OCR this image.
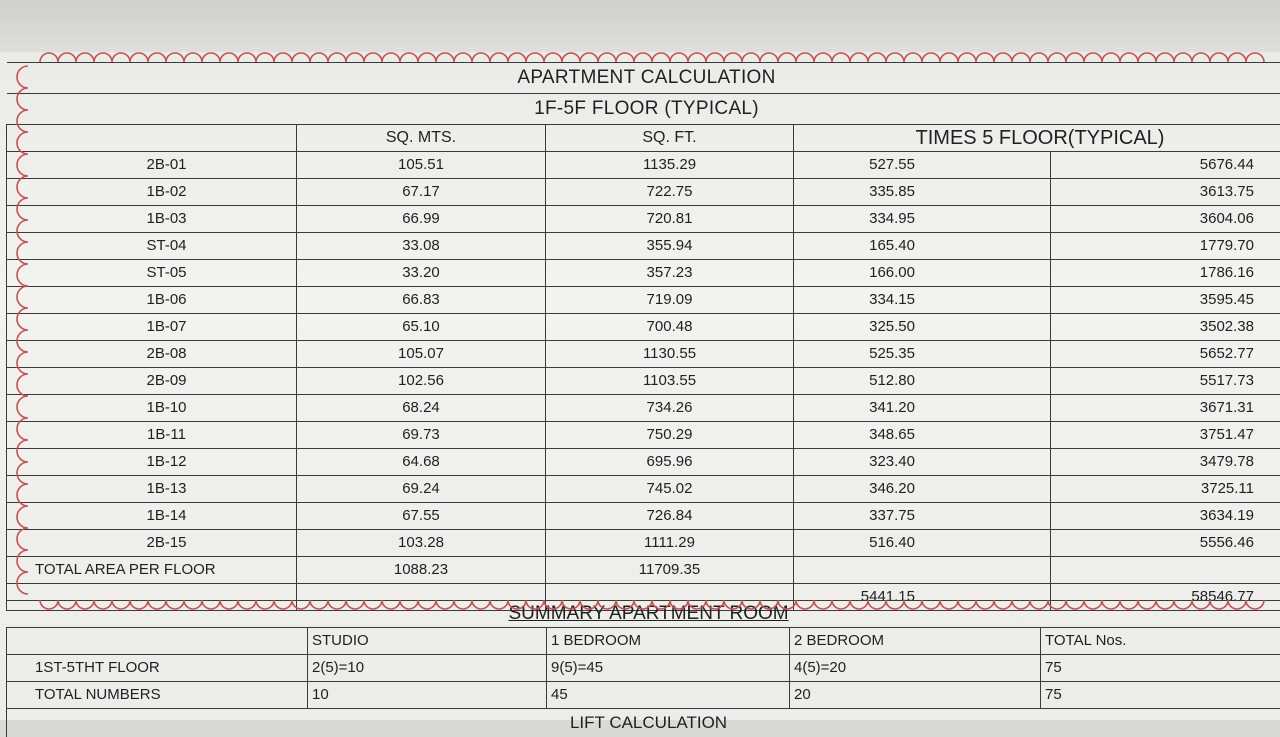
APARTMENT CALCULATION				
1F-5F FLOOR (TYPICAL)				
	SQ. MTS.	SQ. FT.	TIMES 5 FLOOR(TYPICAL)	
2B-01	105.51	1135.29	527.55	5676.44
1B-02	67.17	722.75	335.85	3613.75
1B-03	66.99	720.81	334.95	3604.06
ST-04	33.08	355.94	165.40	1779.70
ST-05	33.20	357.23	166.00	1786.16
1B-06	66.83	719.09	334.15	3595.45
1B-07	65.10	700.48	325.50	3502.38
2B-08	105.07	1130.55	525.35	5652.77
2B-09	102.56	1103.55	512.80	5517.73
1B-10	68.24	734.26	341.20	3671.31
1B-11	69.73	750.29	348.65	3751.47
1B-12	64.68	695.96	323.40	3479.78
1B-13	69.24	745.02	346.20	3725.11
1B-14	67.55	726.84	337.75	3634.19
2B-15	103.28	1111.29	516.40	5556.46
TOTAL AREA PER FLOOR	1088.23	11709.35		
			5441.15	58546.77
SUMMARY APARTMENT ROOM				
	STUDIO	1 BEDROOM	2 BEDROOM	TOTAL Nos.
1ST-5THT FLOOR	2(5)=10	9(5)=45	4(5)=20	75
TOTAL NUMBERS	10	45	20	75
LIFT CALCULATION				
